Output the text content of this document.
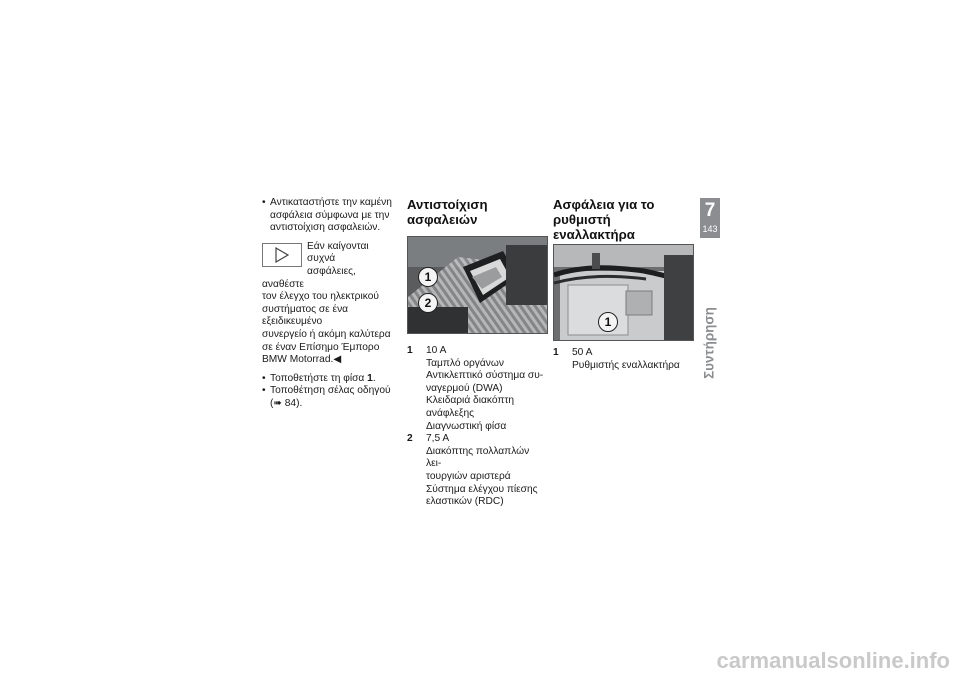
• Αντικαταστήστε την καμένη
ασφάλεια σύμφωνα με την
αντιστοίχιση ασφαλειών.
Εάν καίγονται συχνά
ασφάλειες, αναθέστε
τον έλεγχο του ηλεκτρικού
συστήματος σε ένα εξειδικευμένο
συνεργείο ή ακόμη καλύτερα
σε έναν Επίσημο Έμπορο
BMW Motorrad.◀
• Τοποθετήστε τη φίσα 1.
• Τοποθέτηση σέλας οδηγού
(➠ 84).
Αντιστοίχιση ασφαλειών
1
2
1	10 A
Ταμπλό οργάνων
Αντικλεπτικό σύστημα συ-
ναγερμού (DWA)
Κλειδαριά διακόπτη
ανάφλεξης
Διαγνωστική φίσα
2	7,5 A
Διακόπτης πολλαπλών λει-
τουργιών αριστερά
Σύστημα ελέγχου πίεσης
ελαστικών (RDC)
Ασφάλεια για το ρυθμιστή
εναλλακτήρα
1
1	50 A
Ρυθμιστής εναλλακτήρα
7
143
Συντήρηση
carmanualsonline.info
